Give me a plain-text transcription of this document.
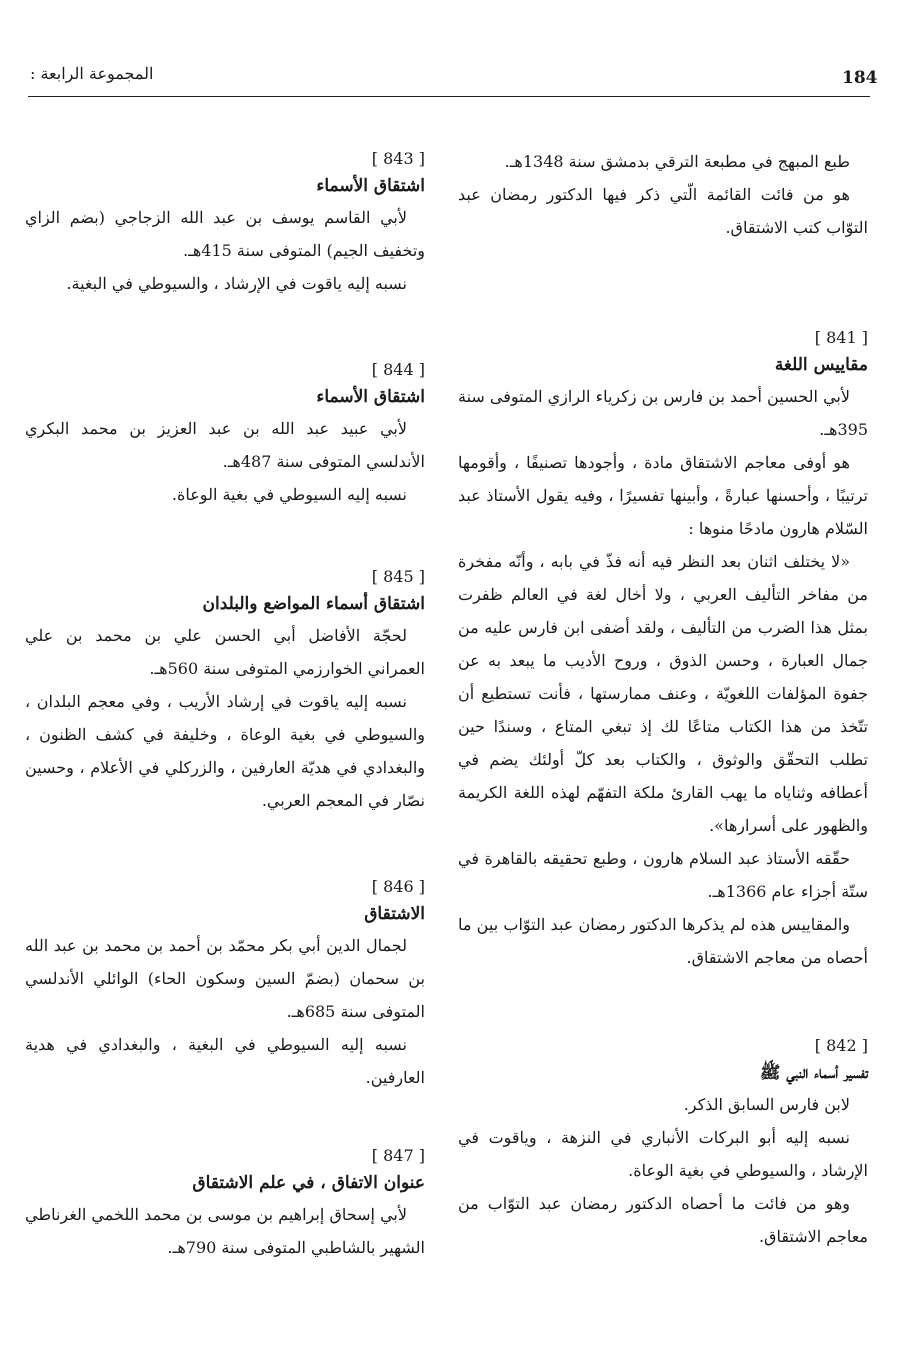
184
المجموعة الرابعة :

طبع المبهج في مطبعة الترقي بدمشق سنة 1348هـ.

هو من فائت القائمة الّتي ذكر فيها الدكتور رمضان عبد التوّاب كتب الاشتقاق.

[ 841 ]
مقاييس اللغة

لأبي الحسين أحمد بن فارس بن زكرياء الرازي المتوفى سنة 395هـ.

هو أوفى معاجم الاشتقاق مادة ، وأجودها تصنيفًا ، وأقومها ترتيبًا ، وأحسنها عبارةً ، وأبينها تفسيرًا ، وفيه يقول الأستاذ عبد السّلام هارون مادحًا منوها :

«لا يختلف اثنان بعد النظر فيه أنه فذّ في بابه ، وأنّه مفخرة من مفاخر التأليف العربي ، ولا أخال لغة في العالم ظفرت بمثل هذا الضرب من التأليف ، ولقد أضفى ابن فارس عليه من جمال العبارة ، وحسن الذوق ، وروح الأديب ما يبعد به عن جفوة المؤلفات اللغويّة ، وعنف ممارستها ، فأنت تستطيع أن تتّخذ من هذا الكتاب متاعًا لك إذ تبغي المتاع ، وسندًا حين تطلب التحقّق والوثوق ، والكتاب بعد كلّ أولئك يضم في أعطافه وثناياه ما يهب القارئ ملكة التفهّم لهذه اللغة الكريمة والظهور على أسرارها».

حقّقه الأستاذ عبد السلام هارون ، وطبع تحقيقه بالقاهرة في ستّة أجزاء عام 1366هـ.

والمقاييس هذه لم يذكرها الدكتور رمضان عبد التوّاب بين ما أحصاه من معاجم الاشتقاق.

[ 842 ]
تفسير أسماء النبي ﷺ

لابن فارس السابق الذكر.

نسبه إليه أبو البركات الأنباري في النزهة ، وياقوت في الإرشاد ، والسيوطي في بغية الوعاة.

وهو من فائت ما أحصاه الدكتور رمضان عبد التوّاب من معاجم الاشتقاق.

[ 843 ]
اشتقاق الأسماء

لأبي القاسم يوسف بن عبد الله الزجاجي (بضم الزاي وتخفيف الجيم) المتوفى سنة 415هـ.

نسبه إليه ياقوت في الإرشاد ، والسيوطي في البغية.

[ 844 ]
اشتقاق الأسماء

لأبي عبيد عبد الله بن عبد العزيز بن محمد البكري الأندلسي المتوفى سنة 487هـ.

نسبه إليه السيوطي في بغية الوعاة.

[ 845 ]
اشتقاق أسماء المواضع والبلدان

لحجّة الأفاضل أبي الحسن علي بن محمد بن علي العمراني الخوارزمي المتوفى سنة 560هـ.

نسبه إليه ياقوت في إرشاد الأريب ، وفي معجم البلدان ، والسيوطي في بغية الوعاة ، وخليفة في كشف الظنون ، والبغدادي في هديّة العارفين ، والزركلي في الأعلام ، وحسين نصّار في المعجم العربي.

[ 846 ]
الاشتقاق

لجمال الدين أبي بكر محمّد بن أحمد بن محمد بن عبد الله بن سحمان (بضمّ السين وسكون الحاء) الوائلي الأندلسي المتوفى سنة 685هـ.

نسبه إليه السيوطي في البغية ، والبغدادي في هدية العارفين.

[ 847 ]
عنوان الاتفاق ، في علم الاشتقاق

لأبي إسحاق إبراهيم بن موسى بن محمد اللخمي الغرناطي الشهير بالشاطبي المتوفى سنة 790هـ.
